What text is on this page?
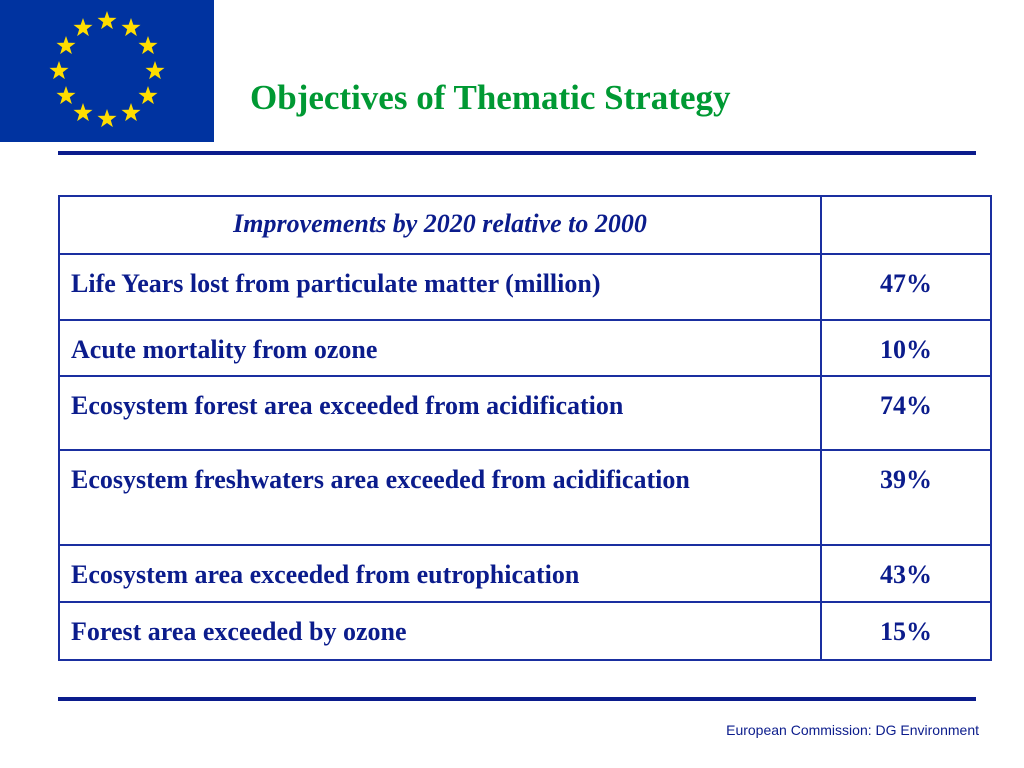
Objectives of Thematic Strategy
Improvements by 2020 relative to 2000	
Life Years lost from particulate matter (million)	47%
Acute mortality from ozone	10%
Ecosystem forest area exceeded from acidification	74%
Ecosystem freshwaters area exceeded from acidification	39%
Ecosystem area exceeded from eutrophication	43%
Forest area exceeded by ozone	15%
European Commission: DG Environment
